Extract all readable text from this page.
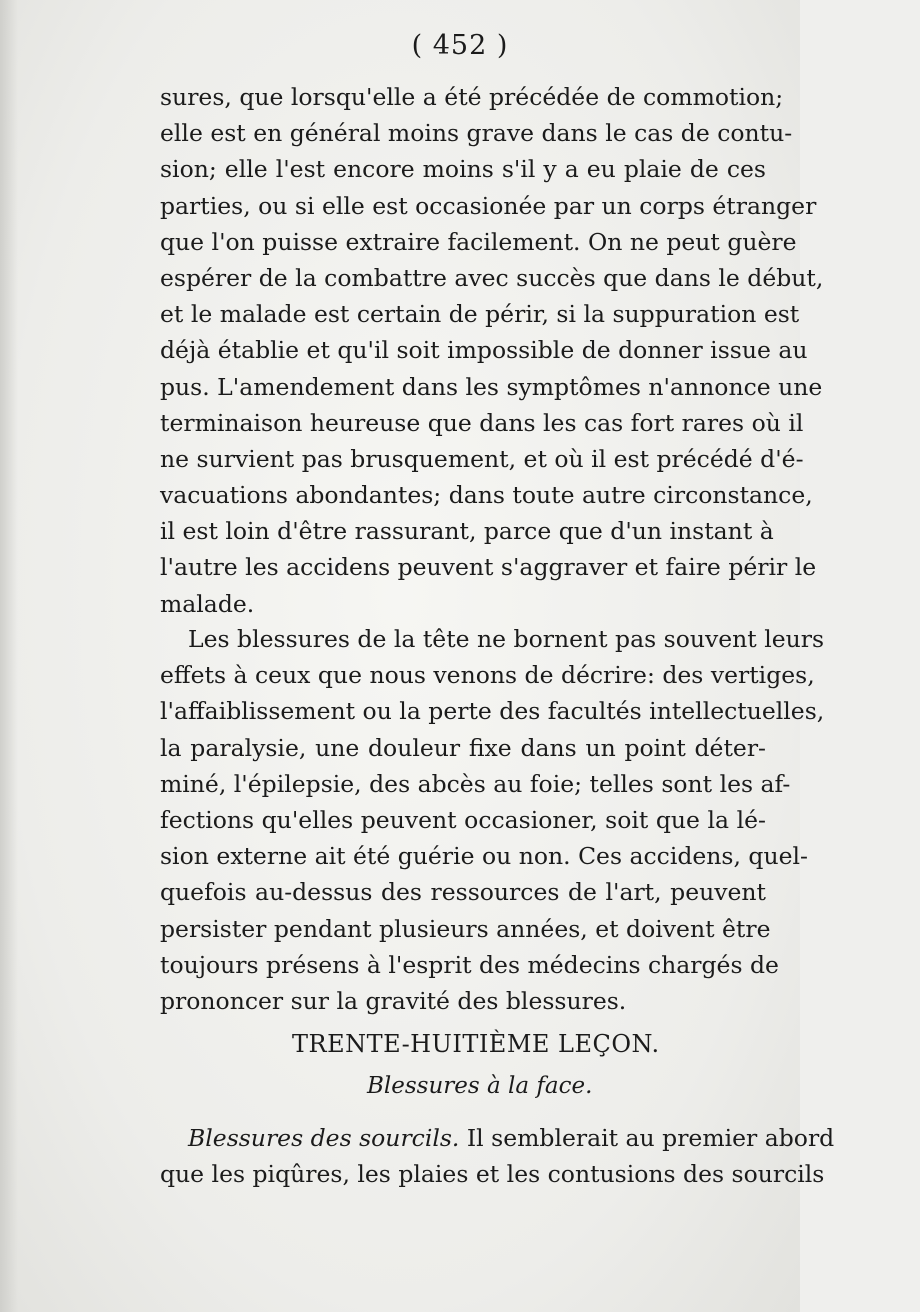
( 452 )
sures, que lorsqu'elle a été précédée de commotion;
elle est en général moins grave dans le cas de contu-
sion; elle l'est encore moins s'il y a eu plaie de ces
parties, ou si elle est occasionée par un corps étranger
que l'on puisse extraire facilement. On ne peut guère
espérer de la combattre avec succès que dans le début,
et le malade est certain de périr, si la suppuration est
déjà établie et qu'il soit impossible de donner issue au
pus. L'amendement dans les symptômes n'annonce une
terminaison heureuse que dans les cas fort rares où il
ne survient pas brusquement, et où il est précédé d'é-
vacuations abondantes; dans toute autre circonstance,
il est loin d'être rassurant, parce que d'un instant à
l'autre les accidens peuvent s'aggraver et faire périr le
malade.
Les blessures de la tête ne bornent pas souvent leurs
effets à ceux que nous venons de décrire: des vertiges,
l'affaiblissement ou la perte des facultés intellectuelles,
la paralysie, une douleur fixe dans un point déter-
miné, l'épilepsie, des abcès au foie; telles sont les af-
fections qu'elles peuvent occasioner, soit que la lé-
sion externe ait été guérie ou non. Ces accidens, quel-
quefois au-dessus des ressources de l'art, peuvent
persister pendant plusieurs années, et doivent être
toujours présens à l'esprit des médecins chargés de
prononcer sur la gravité des blessures.
TRENTE-HUITIÈME LEÇON.
Blessures à la face.
Blessures des sourcils. Il semblerait au premier abord
que les piqûres, les plaies et les contusions des sourcils
